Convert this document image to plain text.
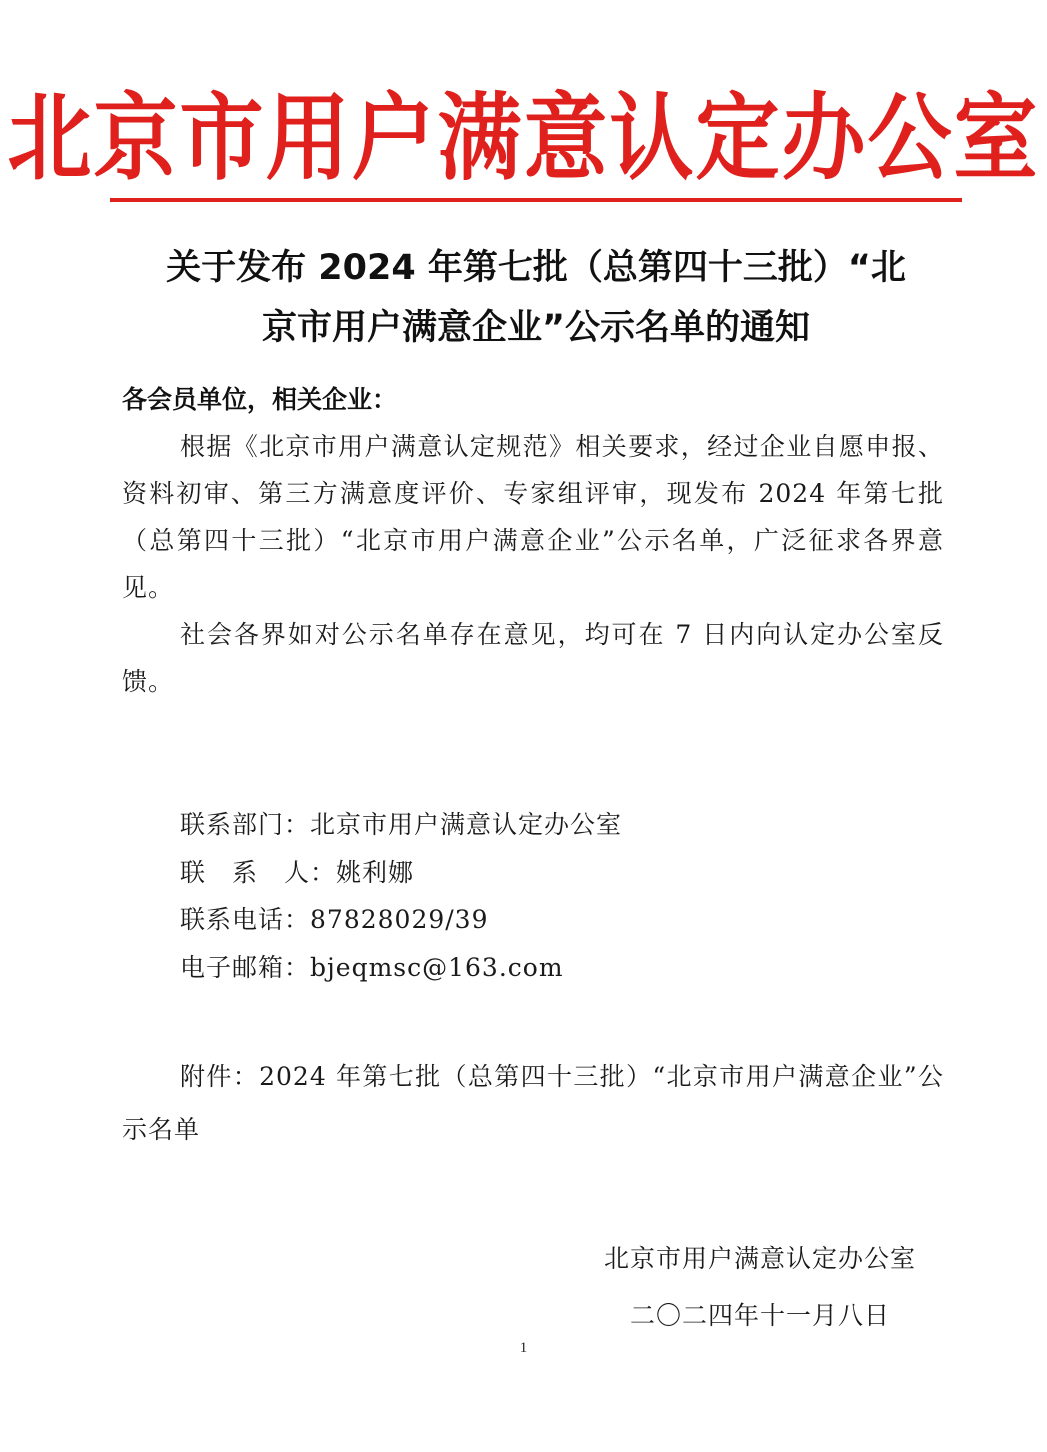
北京市用户满意认定办公室
关于发布 2024 年第七批（总第四十三批）“北
京市用户满意企业”公示名单的通知
各会员单位，相关企业：

根据《北京市用户满意认定规范》相关要求，经过企业自愿申报、资料初审、第三方满意度评价、专家组评审，现发布 2024 年第七批（总第四十三批）“北京市用户满意企业”公示名单，广泛征求各界意见。

社会各界如对公示名单存在意见，均可在 7 日内向认定办公室反馈。

联系部门：北京市用户满意认定办公室
联　系　人：姚利娜
联系电话：87828029/39
电子邮箱：bjeqmsc@163.com

附件：2024 年第七批（总第四十三批）“北京市用户满意企业”公示名单

北京市用户满意认定办公室
二〇二四年十一月八日
1
